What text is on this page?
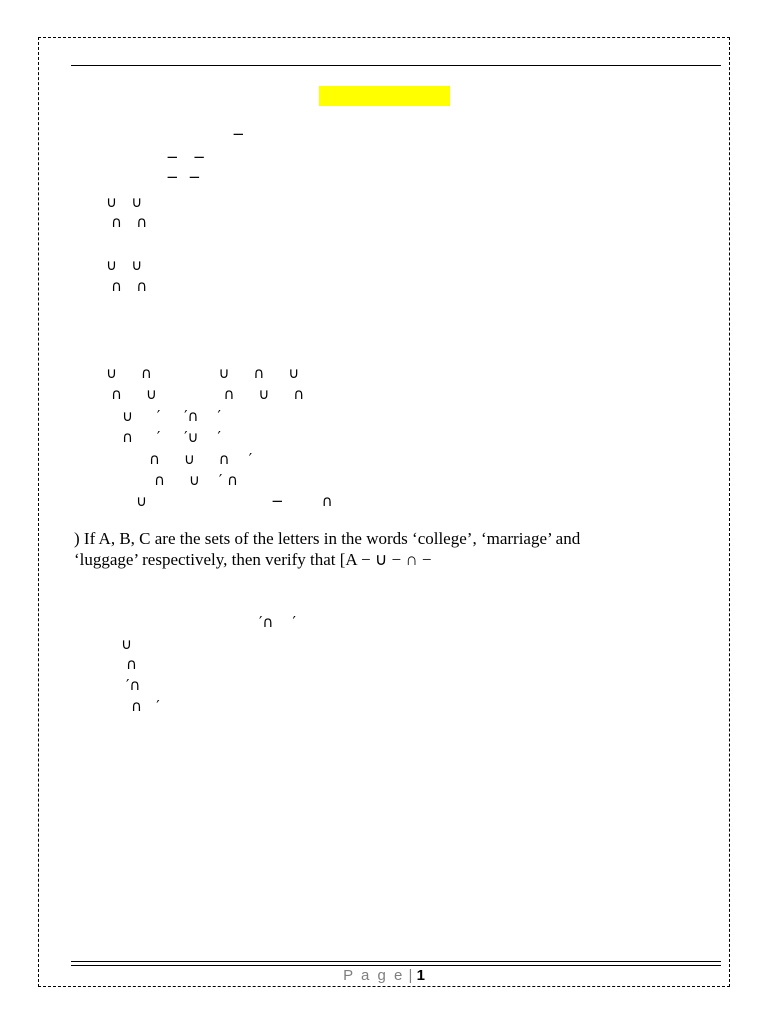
−
−   −
−  −
∪   ∪
∩   ∩
∪   ∪
∩   ∩
∪     ∩              ∪     ∩     ∪
∩     ∪              ∩     ∪     ∩
∪     ′     ′∩    ′
∩     ′     ′∪    ′
∩     ∪     ∩    ′
∩     ∪    ′ ∩
∪                          −        ∩

) If A, B, C are the sets of the letters in the words ‘college’, ‘marriage’ and
‘luggage’ respectively, then verify that [A − ∪ − ∩ −

′∩    ′
∪
∩
′∩
∩   ′
P a g e | 1
